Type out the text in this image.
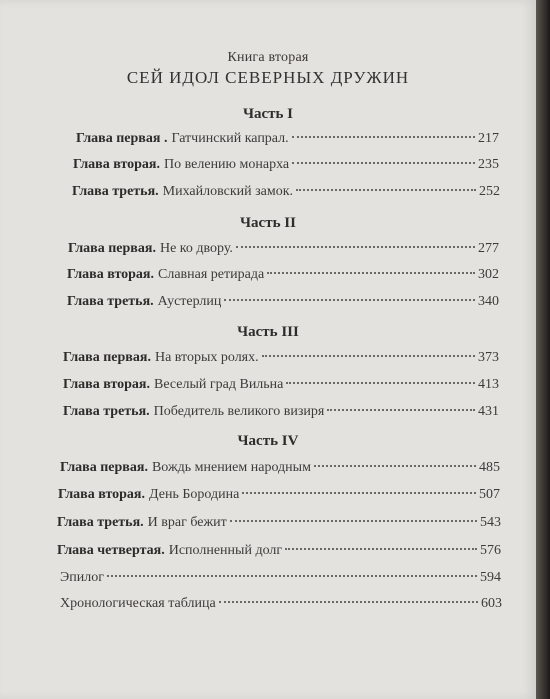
Книга вторая
СЕЙ ИДОЛ СЕВЕРНЫХ ДРУЖИН
Часть I
Глава первая . Гатчинский капрал.	217
Глава вторая. По велению монарха	235
Глава третья. Михайловский замок.	252
Часть II
Глава первая. Не ко двору.	277
Глава вторая. Славная ретирада	302
Глава третья. Аустерлиц	340
Часть III
Глава первая. На вторых ролях.	373
Глава вторая. Веселый град Вильна	413
Глава третья. Победитель великого визиря	431
Часть IV
Глава первая. Вождь мнением народным	485
Глава вторая. День Бородина	507
Глава третья. И враг бежит	543
Глава четвертая. Исполненный долг	576
Эпилог	594
Хронологическая таблица	603
